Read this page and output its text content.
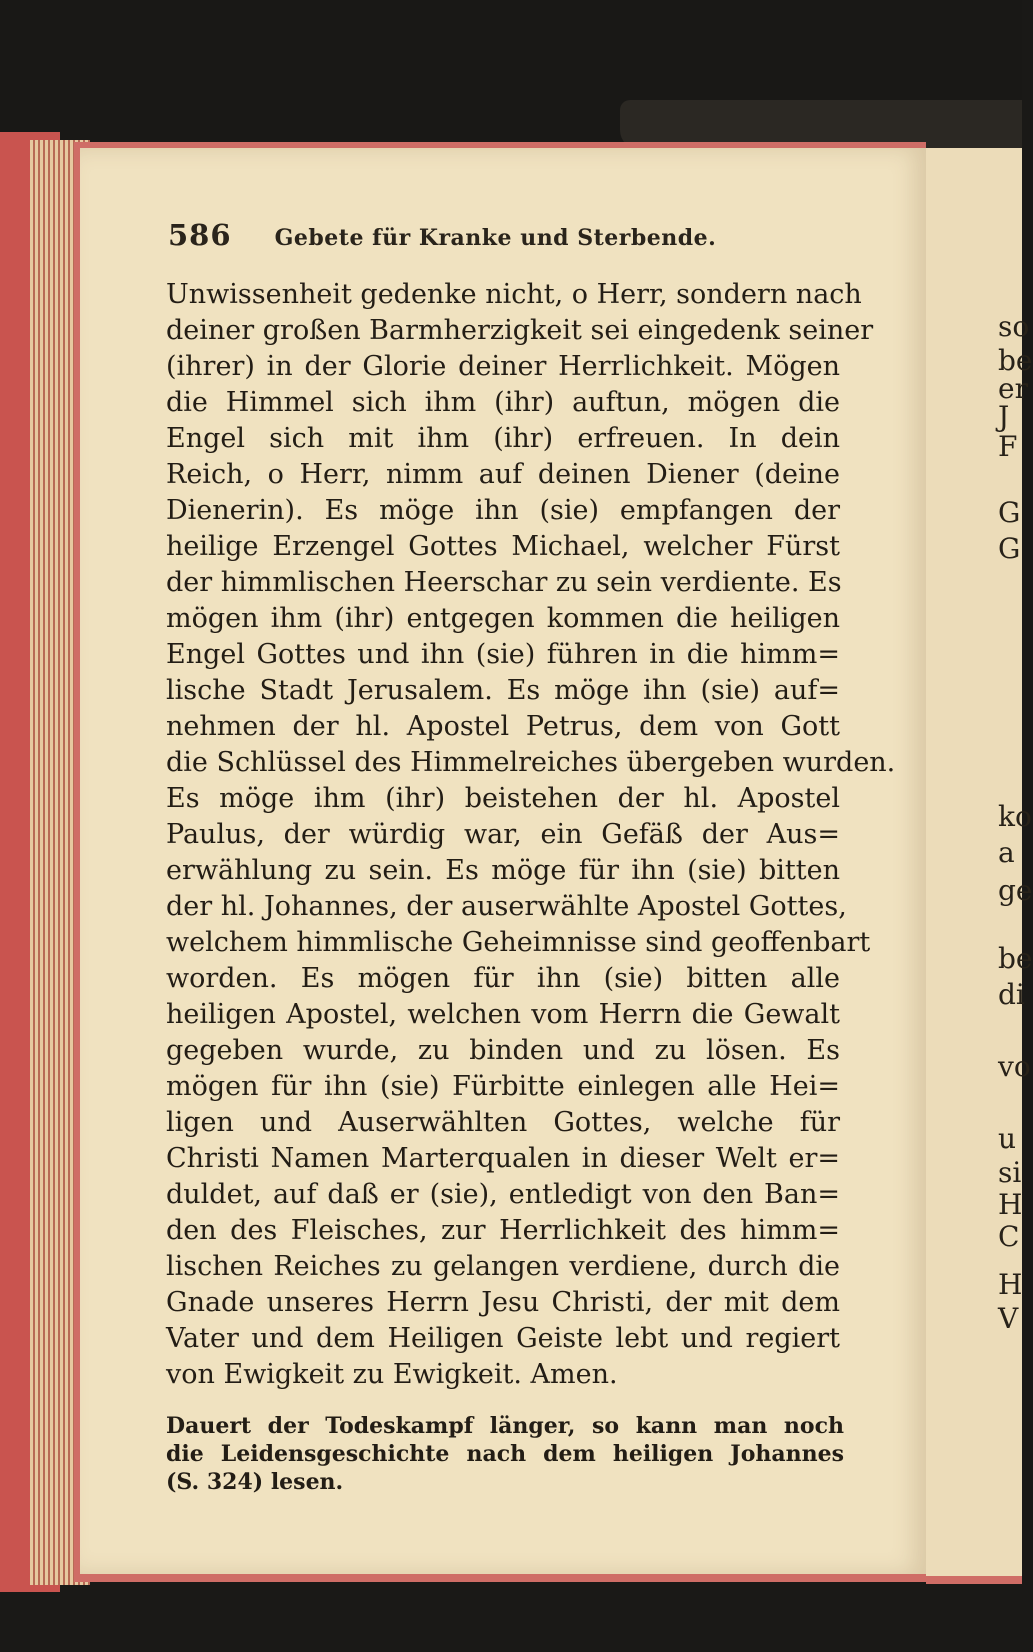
586 Gebete für Kranke und Sterbende.
Unwissenheit gedenke nicht, o Herr, sondern nach
deiner großen Barmherzigkeit sei eingedenk seiner
(ihrer) in der Glorie deiner Herrlichkeit. Mögen
die Himmel sich ihm (ihr) auftun, mögen die
Engel sich mit ihm (ihr) erfreuen. In dein
Reich, o Herr, nimm auf deinen Diener (deine
Dienerin). Es möge ihn (sie) empfangen der
heilige Erzengel Gottes Michael, welcher Fürst
der himmlischen Heerschar zu sein verdiente. Es
mögen ihm (ihr) entgegen kommen die heiligen
Engel Gottes und ihn (sie) führen in die himm=
lische Stadt Jerusalem. Es möge ihn (sie) auf=
nehmen der hl. Apostel Petrus, dem von Gott
die Schlüssel des Himmelreiches übergeben wurden.
Es möge ihm (ihr) beistehen der hl. Apostel
Paulus, der würdig war, ein Gefäß der Aus=
erwählung zu sein. Es möge für ihn (sie) bitten
der hl. Johannes, der auserwählte Apostel Gottes,
welchem himmlische Geheimnisse sind geoffenbart
worden. Es mögen für ihn (sie) bitten alle
heiligen Apostel, welchen vom Herrn die Gewalt
gegeben wurde, zu binden und zu lösen. Es
mögen für ihn (sie) Fürbitte einlegen alle Hei=
ligen und Auserwählten Gottes, welche für
Christi Namen Marterqualen in dieser Welt er=
duldet, auf daß er (sie), entledigt von den Ban=
den des Fleisches, zur Herrlichkeit des himm=
lischen Reiches zu gelangen verdiene, durch die
Gnade unseres Herrn Jesu Christi, der mit dem
Vater und dem Heiligen Geiste lebt und regiert
von Ewigkeit zu Ewigkeit. Amen.
Dauert der Todeskampf länger, so kann man noch
die Leidensgeschichte nach dem heiligen Johannes
(S. 324) lesen.
so
be
er
J
F
G
G
ko
a
ge
be
di
vo
u
si
H
C
H
V
